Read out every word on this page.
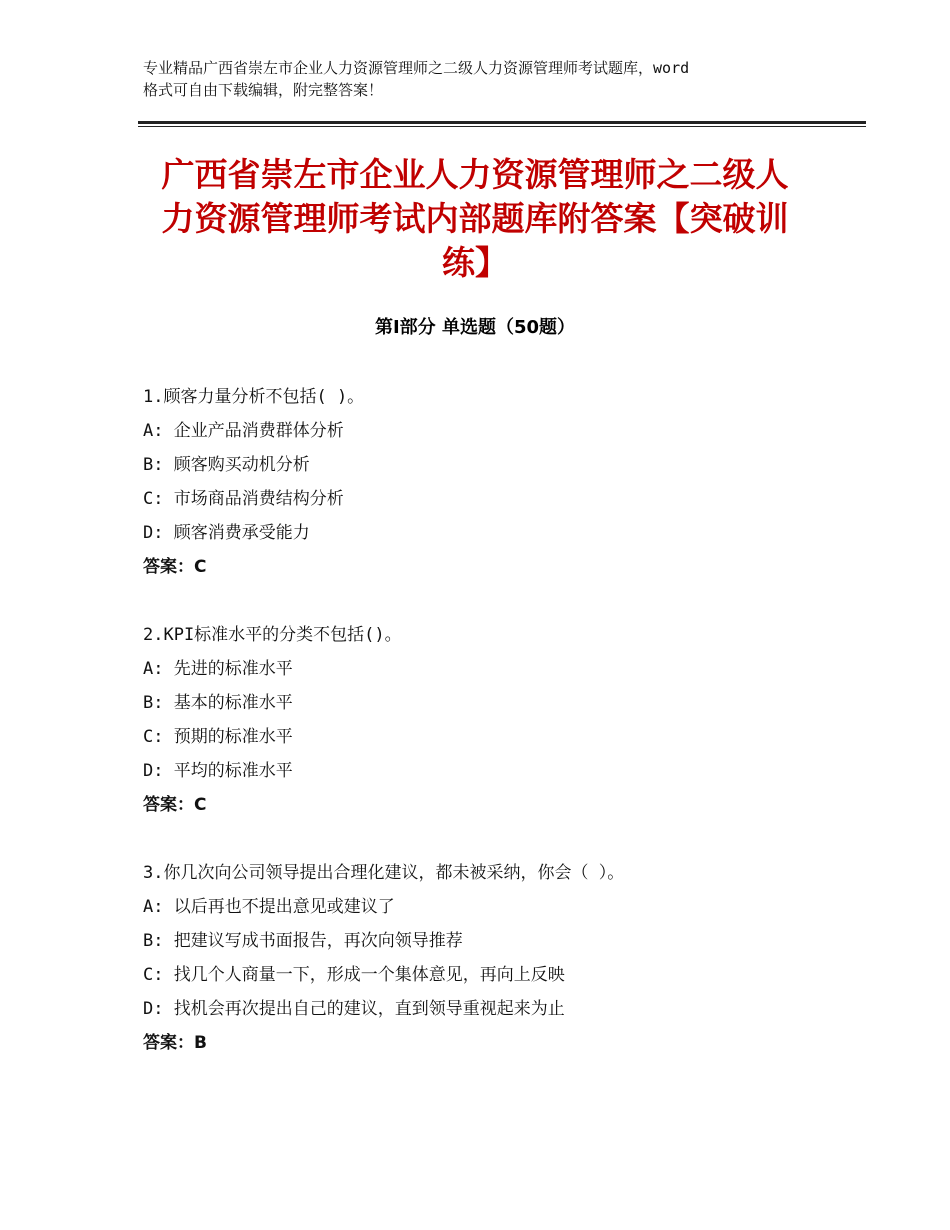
专业精品广西省崇左市企业人力资源管理师之二级人力资源管理师考试题库，word
格式可自由下载编辑，附完整答案！
广西省崇左市企业人力资源管理师之二级人
力资源管理师考试内部题库附答案【突破训
练】
第Ⅰ部分 单选题（50题）
1.顾客力量分析不包括( )。
A: 企业产品消费群体分析
B: 顾客购买动机分析
C: 市场商品消费结构分析
D: 顾客消费承受能力
答案：C
2.KPI标准水平的分类不包括()。
A: 先进的标准水平
B: 基本的标准水平
C: 预期的标准水平
D: 平均的标准水平
答案：C
3.你几次向公司领导提出合理化建议，都未被采纳，你会（ ）。
A: 以后再也不提出意见或建议了
B: 把建议写成书面报告，再次向领导推荐
C: 找几个人商量一下，形成一个集体意见，再向上反映
D: 找机会再次提出自己的建议，直到领导重视起来为止
答案：B
